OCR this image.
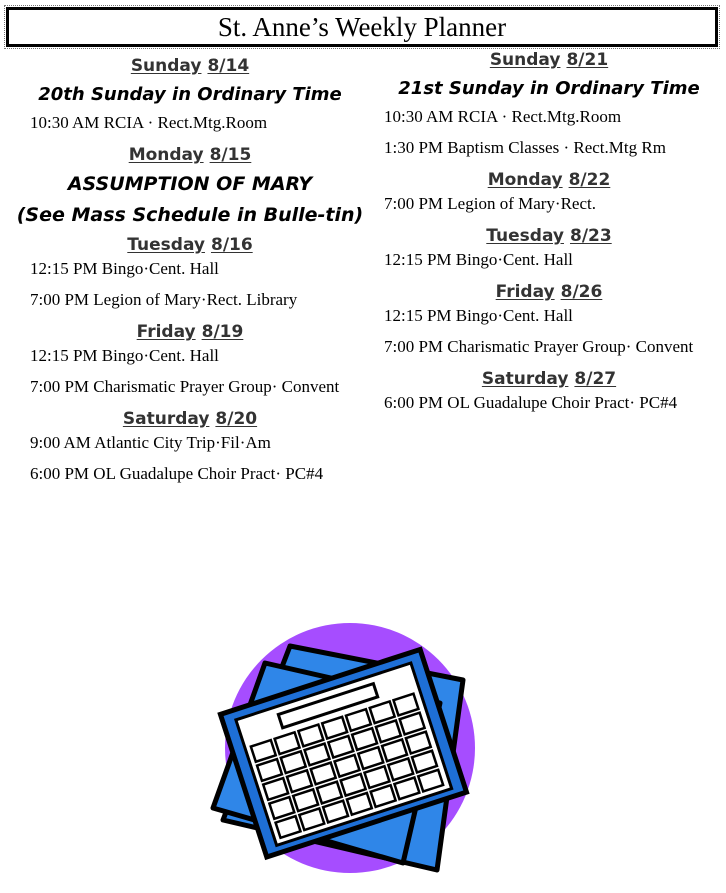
St. Anne’s Weekly Planner
Sunday 8/14
20th Sunday in Ordinary Time
10:30 AM RCIA · Rect.Mtg.Room
Monday 8/15
ASSUMPTION OF MARY
(See Mass Schedule in Bulle-tin)
Tuesday 8/16
12:15 PM Bingo·Cent. Hall
7:00 PM Legion of Mary·Rect. Library
Friday 8/19
12:15 PM Bingo·Cent. Hall
7:00 PM Charismatic Prayer Group· Convent
Saturday 8/20
9:00 AM Atlantic City Trip·Fil·Am
6:00 PM OL Guadalupe Choir Pract· PC#4
Sunday 8/21
21st Sunday in Ordinary Time
10:30 AM RCIA · Rect.Mtg.Room
1:30 PM Baptism Classes · Rect.Mtg Rm
Monday 8/22
7:00 PM Legion of Mary·Rect.
Tuesday 8/23
12:15 PM Bingo·Cent. Hall
Friday 8/26
12:15 PM Bingo·Cent. Hall
7:00 PM Charismatic Prayer Group· Convent
Saturday 8/27
6:00 PM OL Guadalupe Choir Pract· PC#4
